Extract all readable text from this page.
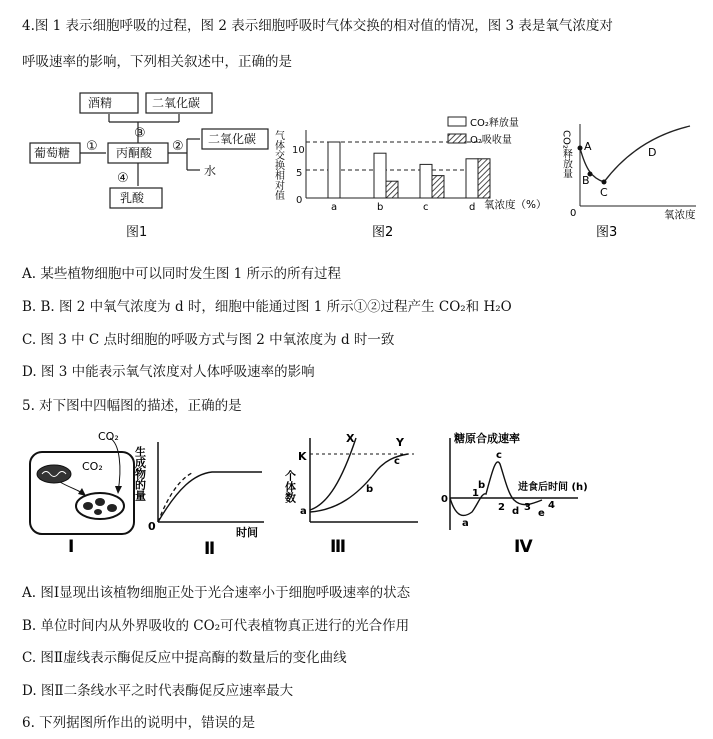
4.图 1 表示细胞呼吸的过程，图 2 表示细胞呼吸时气体交换的相对值的情况，图 3 表是氧气浓度对
呼吸速率的影响，下列相关叙述中，正确的是
酒精	二氧化碳
葡萄糖	丙酮酸
二氧化碳
乳酸
水
①	②
③
④
图1
气体交换相对值 10
5
0
a	b	c	d
CO₂释放量
O₂吸收量
氧浓度（%）
图2
CO₂释放量 A
B
C
D
0	氧浓度
图3
A. 某些植物细胞中可以同时发生图 1 所示的所有过程
B. B. 图 2 中氧气浓度为 d 时，细胞中能通过图 1 所示①②过程产生 CO₂和 H₂O
C. 图 3 中 C 点时细胞的呼吸方式与图 2 中氧浓度为 d 时一致
D. 图 3 中能表示氧气浓度对人体呼吸速率的影响
5. 对下图中四幅图的描述，正确的是
CO₂
CO₂
Ⅰ
生成物的量
0	时间
Ⅱ
K
个体数
X	Y
a
b
c
Ⅲ
糖原合成速率
0
1
2 3 4
a
b
c
d e
进食后时间 (h)
Ⅳ
A. 图Ⅰ显现出该植物细胞正处于光合速率小于细胞呼吸速率的状态
B. 单位时间内从外界吸收的 CO₂可代表植物真正进行的光合作用
C. 图Ⅱ虚线表示酶促反应中提高酶的数量后的变化曲线
D. 图Ⅱ二条线水平之时代表酶促反应速率最大
6. 下列据图所作出的说明中，错误的是
